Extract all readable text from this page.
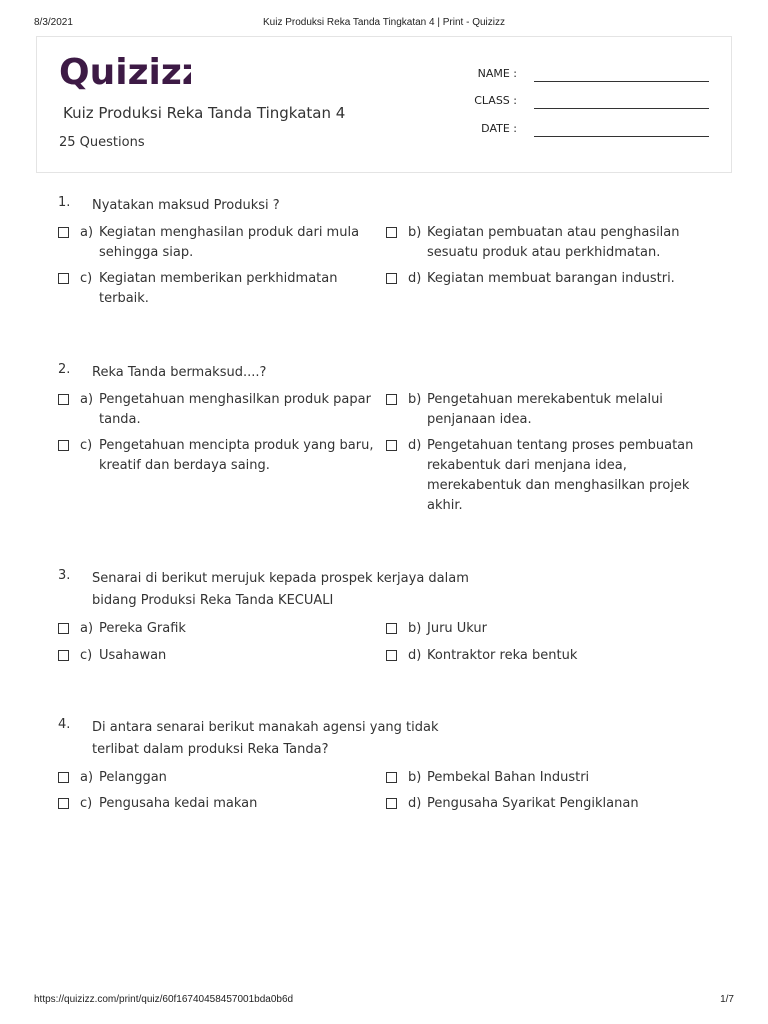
8/3/2021	Kuiz Produksi Reka Tanda Tingkatan 4 | Print - Quizizz
Quizizz
Kuiz Produksi Reka Tanda Tingkatan 4
25 Questions
NAME :
CLASS :
DATE :
1. Nyatakan maksud Produksi ?
a) Kegiatan menghasilan produk dari mula sehingga siap.
b) Kegiatan pembuatan atau penghasilan sesuatu produk atau perkhidmatan.
c) Kegiatan memberikan perkhidmatan terbaik.
d) Kegiatan membuat barangan industri.
2. Reka Tanda bermaksud....?
a) Pengetahuan menghasilkan produk papar tanda.
b) Pengetahuan merekabentuk melalui penjanaan idea.
c) Pengetahuan mencipta produk yang baru, kreatif dan berdaya saing.
d) Pengetahuan tentang proses pembuatan rekabentuk dari menjana idea, merekabentuk dan menghasilkan projek akhir.
3. Senarai di berikut merujuk kepada prospek kerjaya dalam bidang Produksi Reka Tanda KECUALI
a) Pereka Grafik	b) Juru Ukur
c) Usahawan	d) Kontraktor reka bentuk
4. Di antara senarai berikut manakah agensi yang tidak terlibat dalam produksi Reka Tanda?
a) Pelanggan	b) Pembekal Bahan Industri
c) Pengusaha kedai makan	d) Pengusaha Syarikat Pengiklanan
https://quizizz.com/print/quiz/60f16740458457001bda0b6d	1/7
